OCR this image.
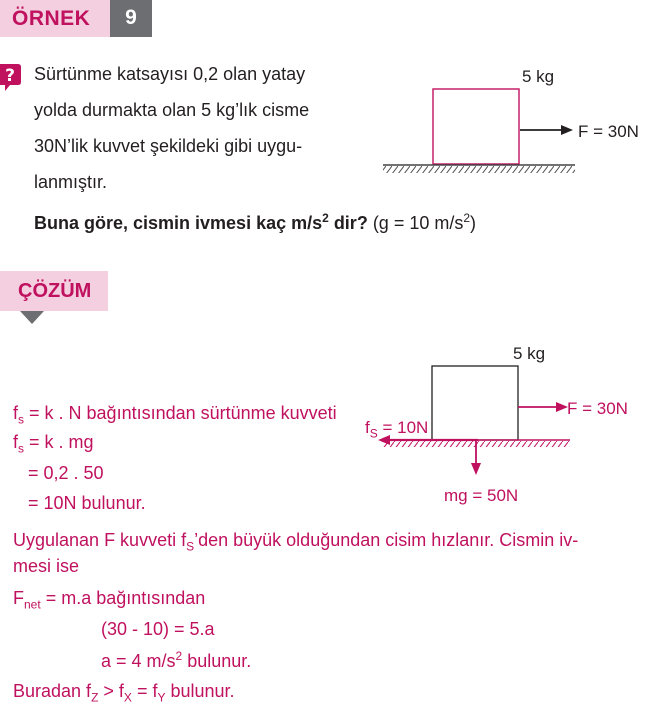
ÖRNEK	9
? Sürtünme katsayısı 0,2 olan yatay
yolda durmakta olan 5 kg’lık cisme
30N’lik kuvvet şekildeki gibi uygu-
lanmıştır.
5 kg
F = 30N
Buna göre, cismin ivmesi kaç $m/s^2$ dir? (g = 10 $m/s^2$)
ÇÖZÜM
5 kg
F = 30N
$f_S = 10N$
mg = 50N
$f_s = k$ . N bağıntısından sürtünme kuvveti
$f_s = k$ . mg
= 0,2 . 50
= 10N bulunur.
Uygulanan F kuvveti $f_S’den$ büyük olduğundan cisim hızlanır. Cismin iv-
mesi ise
$F_{net} = m.a$ bağıntısından
(30 - 10) = 5.a
a = 4 $m/s^2$ bulunur.
Buradan $f_Z > f_X = f_Y$ bulunur.
